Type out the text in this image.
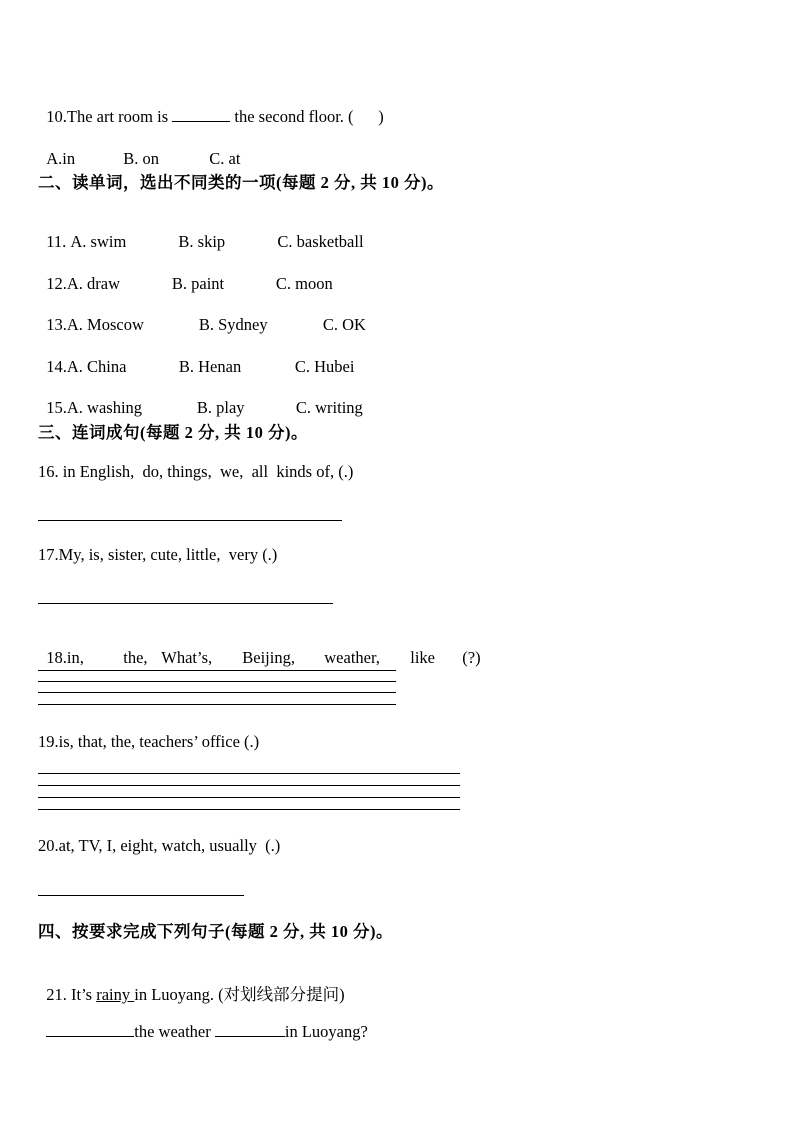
10.The art room is	the second floor. (      )

A.in	B. on	C. at

二、读单词，选出不同类的一项(每题 2 分, 共 10 分)。

11. A. swim	B. skip	C. basketball

12.A. draw	B. paint	C. moon

13.A. Moscow	B. Sydney	C. OK

14.A. China	B. Henan	C. Hubei

15.A. washing	B. play	C. writing

三、连词成句(每题 2 分, 共 10 分)。
16. in English,  do, things,  we,  all  kinds of, (.)
17.My, is, sister, cute, little,  very (.)

18.in, the, What’s, Beijing, weather, like (?)

19.is, that, the, teachers’ office (.)
20.at, TV, I, eight, watch, usually  (.)
四、按要求完成下列句子(每题 2 分, 共 10 分)。

21. It’s rainy in Luoyang. (对划线部分提问)

the weather	in Luoyang?
